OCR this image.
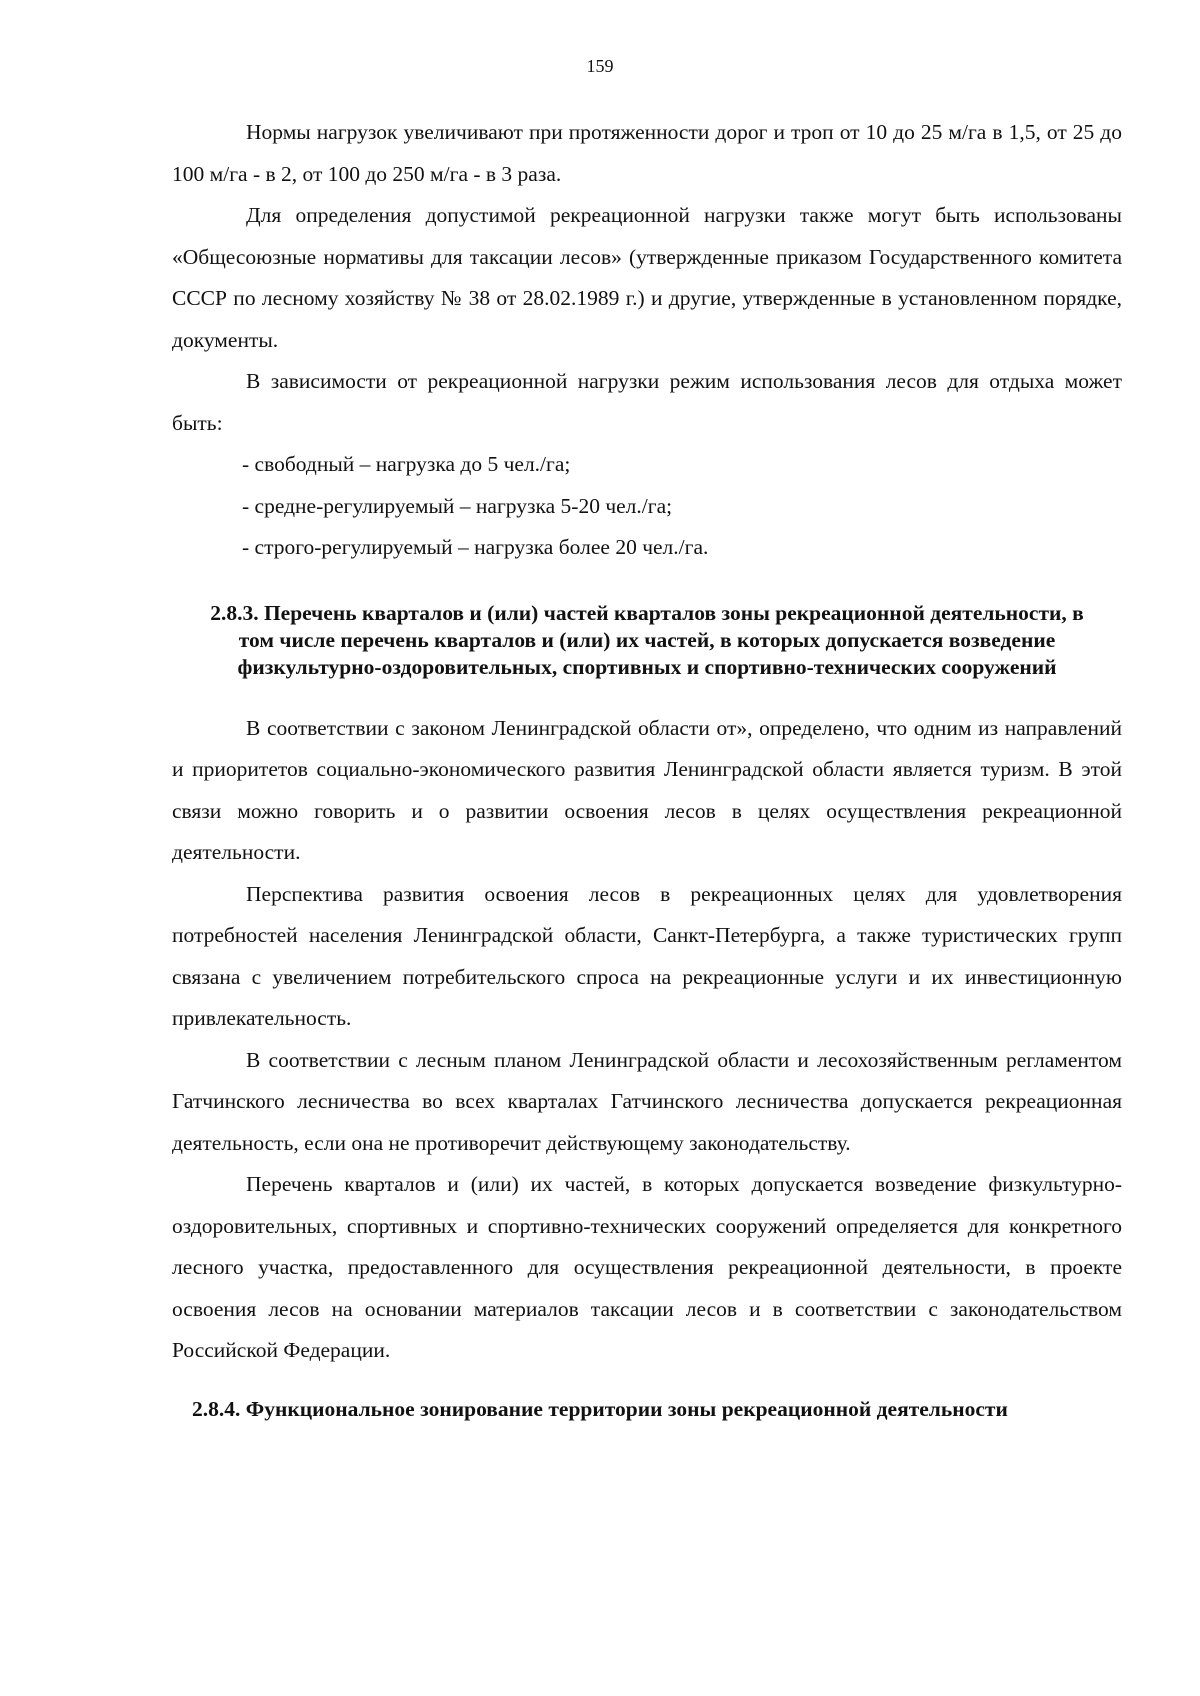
159

Нормы нагрузок увеличивают при протяженности дорог и троп от 10 до 25 м/га в 1,5, от 25 до 100 м/га - в 2, от 100 до 250 м/га - в 3 раза.

Для определения допустимой рекреационной нагрузки также могут быть использованы «Общесоюзные нормативы для таксации лесов» (утвержденные приказом Государственного комитета СССР по лесному хозяйству № 38 от 28.02.1989 г.) и другие, утвержденные в установленном порядке, документы.

В зависимости от рекреационной нагрузки режим использования лесов для отдыха может быть:

- свободный – нагрузка до 5 чел./га;

- средне-регулируемый – нагрузка 5-20 чел./га;

- строго-регулируемый – нагрузка более 20 чел./га.

2.8.3. Перечень кварталов и (или) частей кварталов зоны рекреационной деятельности, в том числе перечень кварталов и (или) их частей, в которых допускается возведение физкультурно-оздоровительных, спортивных и спортивно-технических сооружений

В соответствии с законом Ленинградской области от», определено, что одним из направлений и приоритетов социально-экономического развития Ленинградской области является туризм. В этой связи можно говорить и о развитии освоения лесов в целях осуществления рекреационной деятельности.

Перспектива развития освоения лесов в рекреационных целях для удовлетворения потребностей населения Ленинградской области, Санкт-Петербурга, а также туристических групп связана с увеличением потребительского спроса на рекреационные услуги и их инвестиционную привлекательность.

В соответствии с лесным планом Ленинградской области и лесохозяйственным регламентом Гатчинского лесничества во всех кварталах Гатчинского лесничества допускается рекреационная деятельность, если она не противоречит действующему законодательству.

Перечень кварталов и (или) их частей, в которых допускается возведение физкультурно-оздоровительных, спортивных и спортивно-технических сооружений определяется для конкретного лесного участка, предоставленного для осуществления рекреационной деятельности, в проекте освоения лесов на основании материалов таксации лесов и в соответствии с законодательством Российской Федерации.

2.8.4. Функциональное зонирование территории зоны рекреационной деятельности
